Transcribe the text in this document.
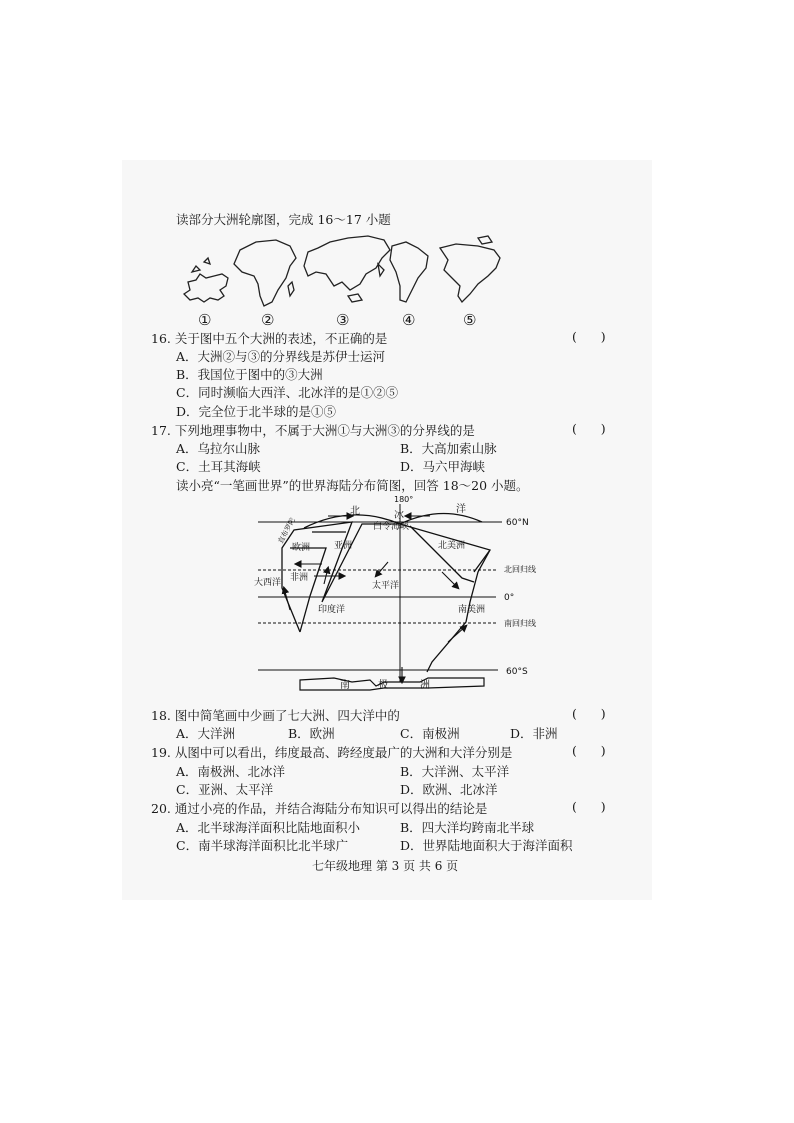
读部分大洲轮廓图，完成 16～17 小题
①	②	③	④	⑤
16. 关于图中五个大洲的表述，不正确的是	(      )
A．大洲②与③的分界线是苏伊士运河
B．我国位于图中的③大洲
C．同时濒临大西洋、北冰洋的是①②⑤
D．完全位于北半球的是①⑤
17. 下列地理事物中，不属于大洲①与大洲③的分界线的是	(      )
A．乌拉尔山脉	B．大高加索山脉
C．土耳其海峡	D．马六甲海峡
读小亮“一笔画世界”的世界海陆分布简图，回答 18～20 小题。
180°
60°N
北回归线
0°
南回归线
60°S
北	冰
洋
白令海峡
欧洲	亚洲	北美洲
非洲
大西洋	太平洋
印度洋	南美洲
南	极	洲
直布罗陀
18. 图中简笔画中少画了七大洲、四大洋中的	(      )
A．大洋洲	B．欧洲	C．南极洲	D．非洲
19. 从图中可以看出，纬度最高、跨经度最广的大洲和大洋分别是	(      )
A．南极洲、北冰洋	B．大洋洲、太平洋
C．亚洲、太平洋	D．欧洲、北冰洋
20. 通过小亮的作品，并结合海陆分布知识可以得出的结论是	(      )
A．北半球海洋面积比陆地面积小	B．四大洋均跨南北半球
C．南半球海洋面积比北半球广	D．世界陆地面积大于海洋面积
七年级地理 第 3 页 共 6 页
